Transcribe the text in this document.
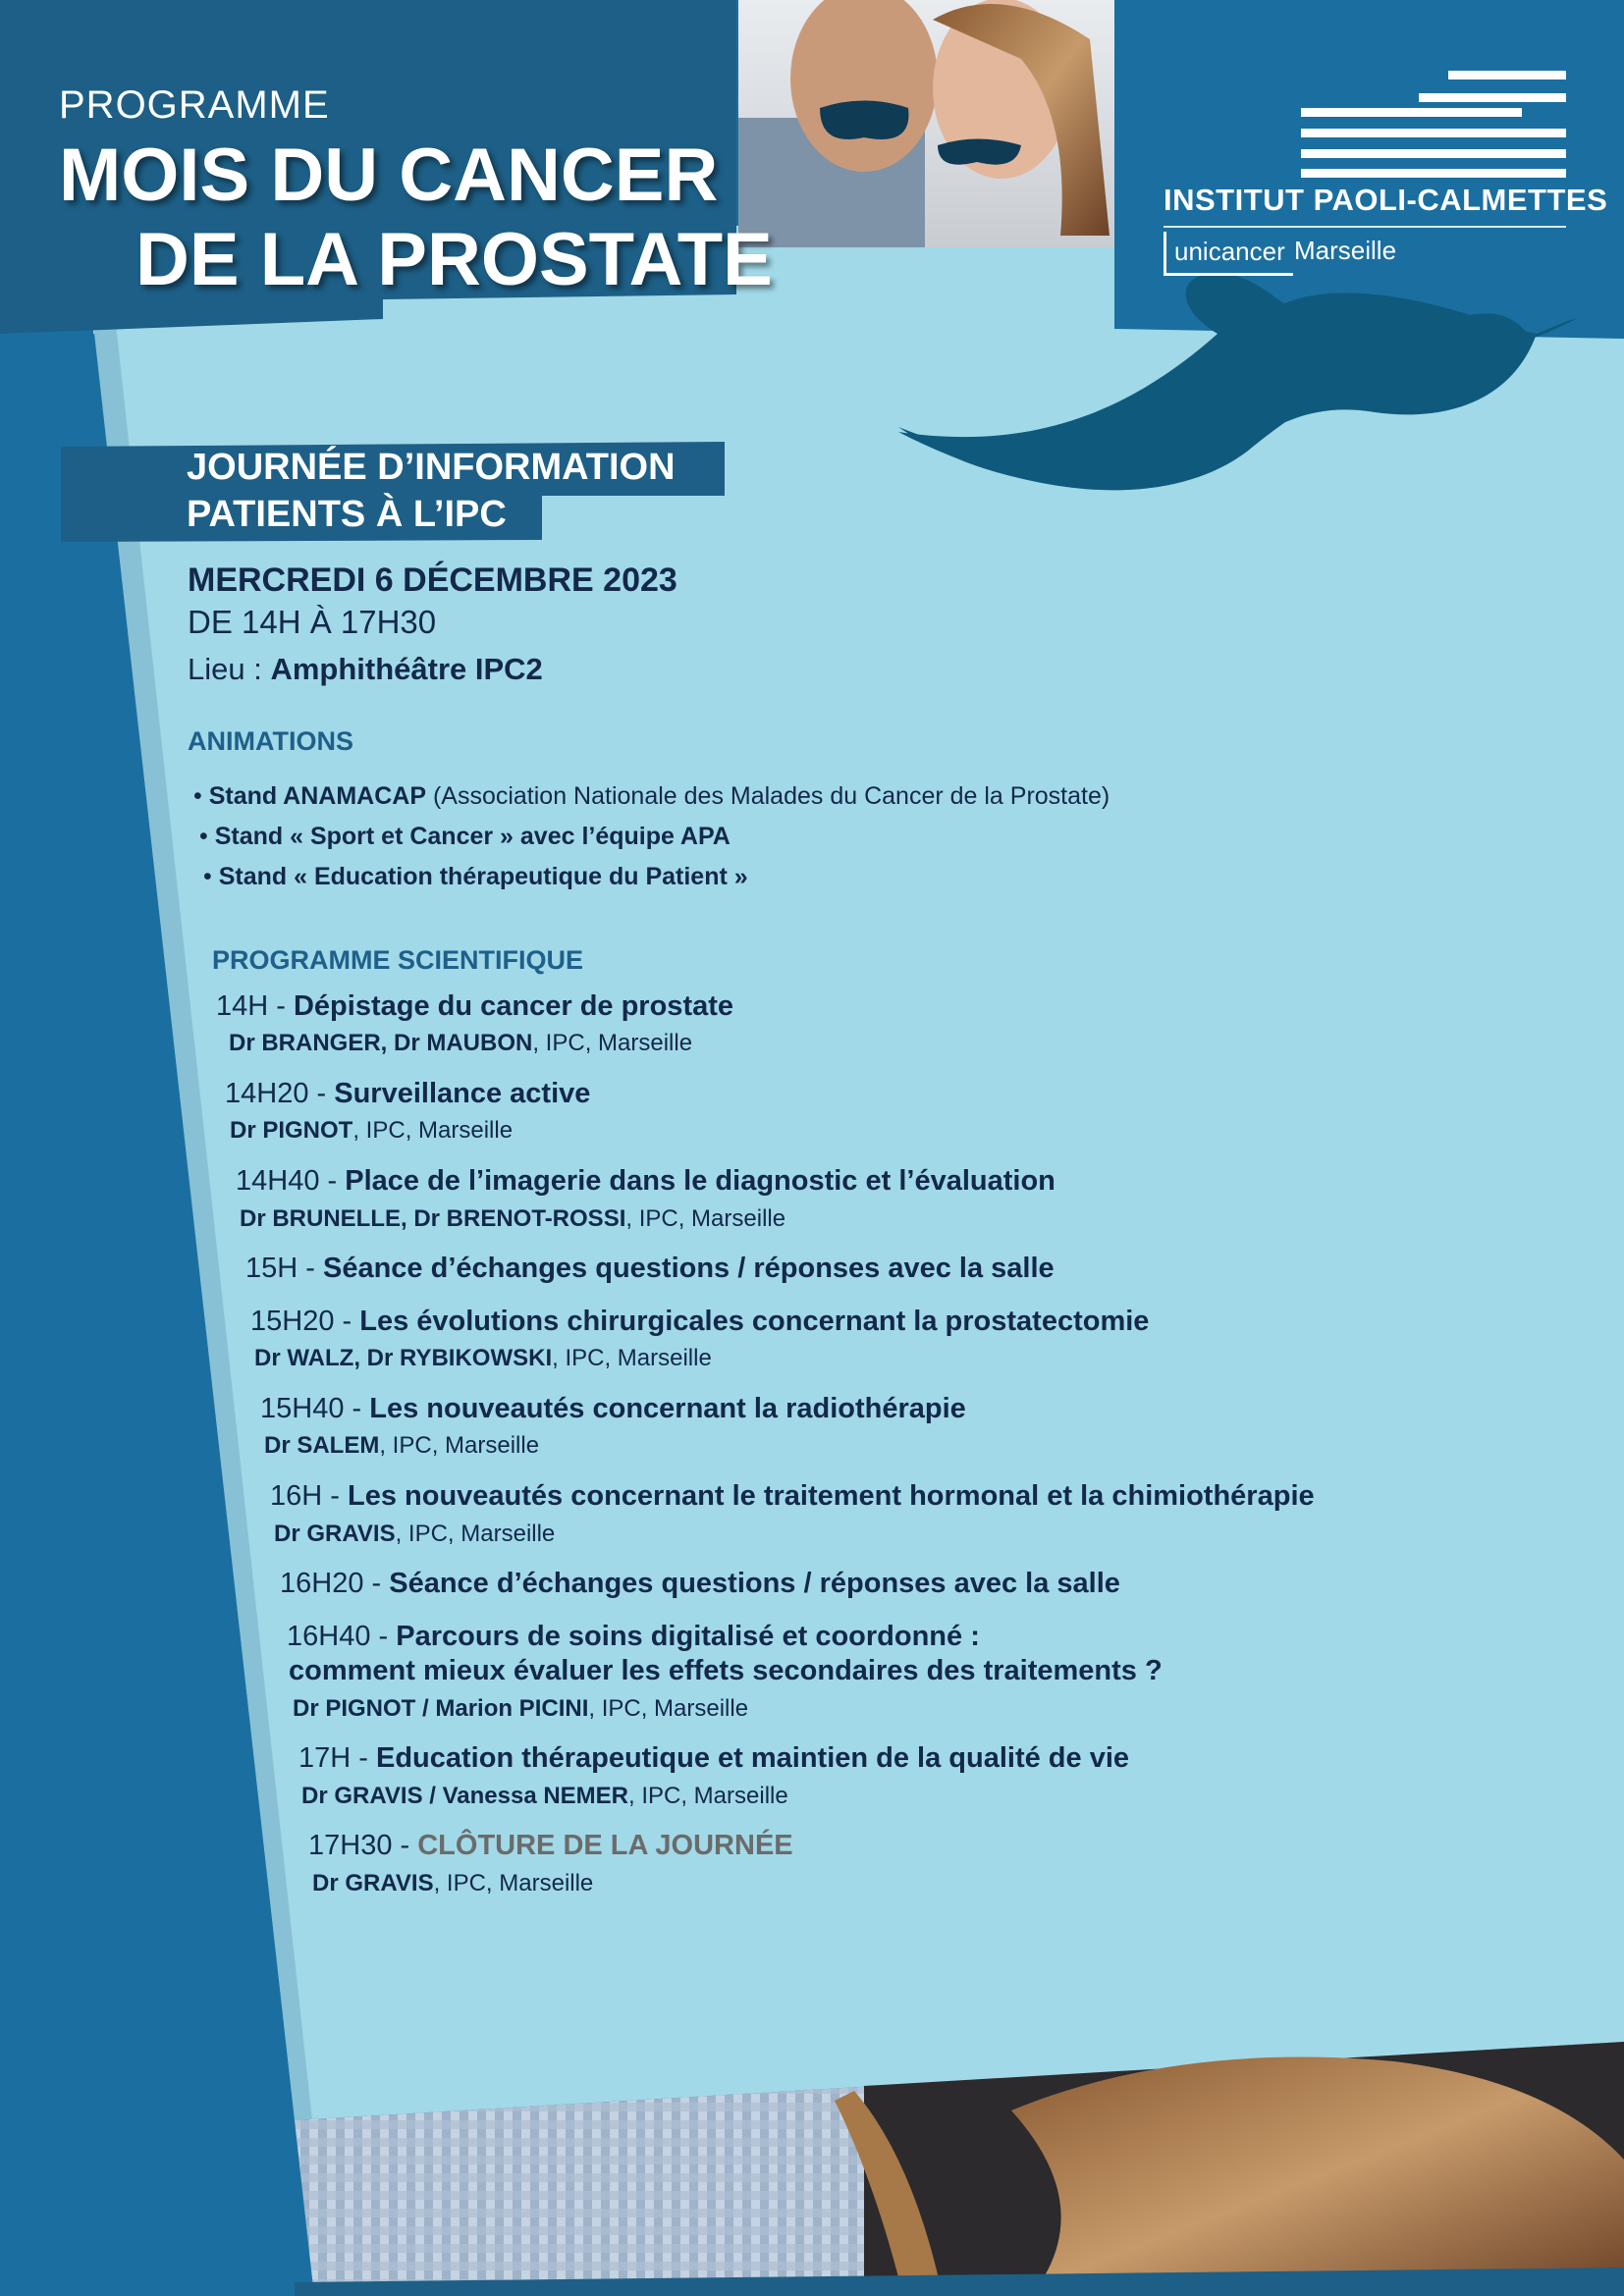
PROGRAMME
MOIS DU CANCER
DE LA PROSTATE
INSTITUT PAOLI-CALMETTES
unicancer Marseille
JOURNÉE D’INFORMATION
PATIENTS À L’IPC
MERCREDI 6 DÉCEMBRE 2023
DE 14H À 17H30
Lieu : Amphithéâtre IPC2
ANIMATIONS
• Stand ANAMACAP (Association Nationale des Malades du Cancer de la Prostate)
• Stand « Sport et Cancer » avec l’équipe APA
• Stand « Education thérapeutique du Patient »
PROGRAMME SCIENTIFIQUE
14H - Dépistage du cancer de prostate
Dr BRANGER, Dr MAUBON, IPC, Marseille
14H20 - Surveillance active
Dr PIGNOT, IPC, Marseille
14H40 - Place de l’imagerie dans le diagnostic et l’évaluation
Dr BRUNELLE, Dr BRENOT-ROSSI, IPC, Marseille
15H - Séance d’échanges questions / réponses avec la salle
15H20 - Les évolutions chirurgicales concernant la prostatectomie
Dr WALZ, Dr RYBIKOWSKI, IPC, Marseille
15H40 - Les nouveautés concernant la radiothérapie
Dr SALEM, IPC, Marseille
16H - Les nouveautés concernant le traitement hormonal et la chimiothérapie
Dr GRAVIS, IPC, Marseille
16H20 - Séance d’échanges questions / réponses avec la salle
16H40 - Parcours de soins digitalisé et coordonné :
comment mieux évaluer les effets secondaires des traitements ?
Dr PIGNOT / Marion PICINI, IPC, Marseille
17H - Education thérapeutique et maintien de la qualité de vie
Dr GRAVIS / Vanessa NEMER, IPC, Marseille
17H30 - CLÔTURE DE LA JOURNÉE
Dr GRAVIS, IPC, Marseille
